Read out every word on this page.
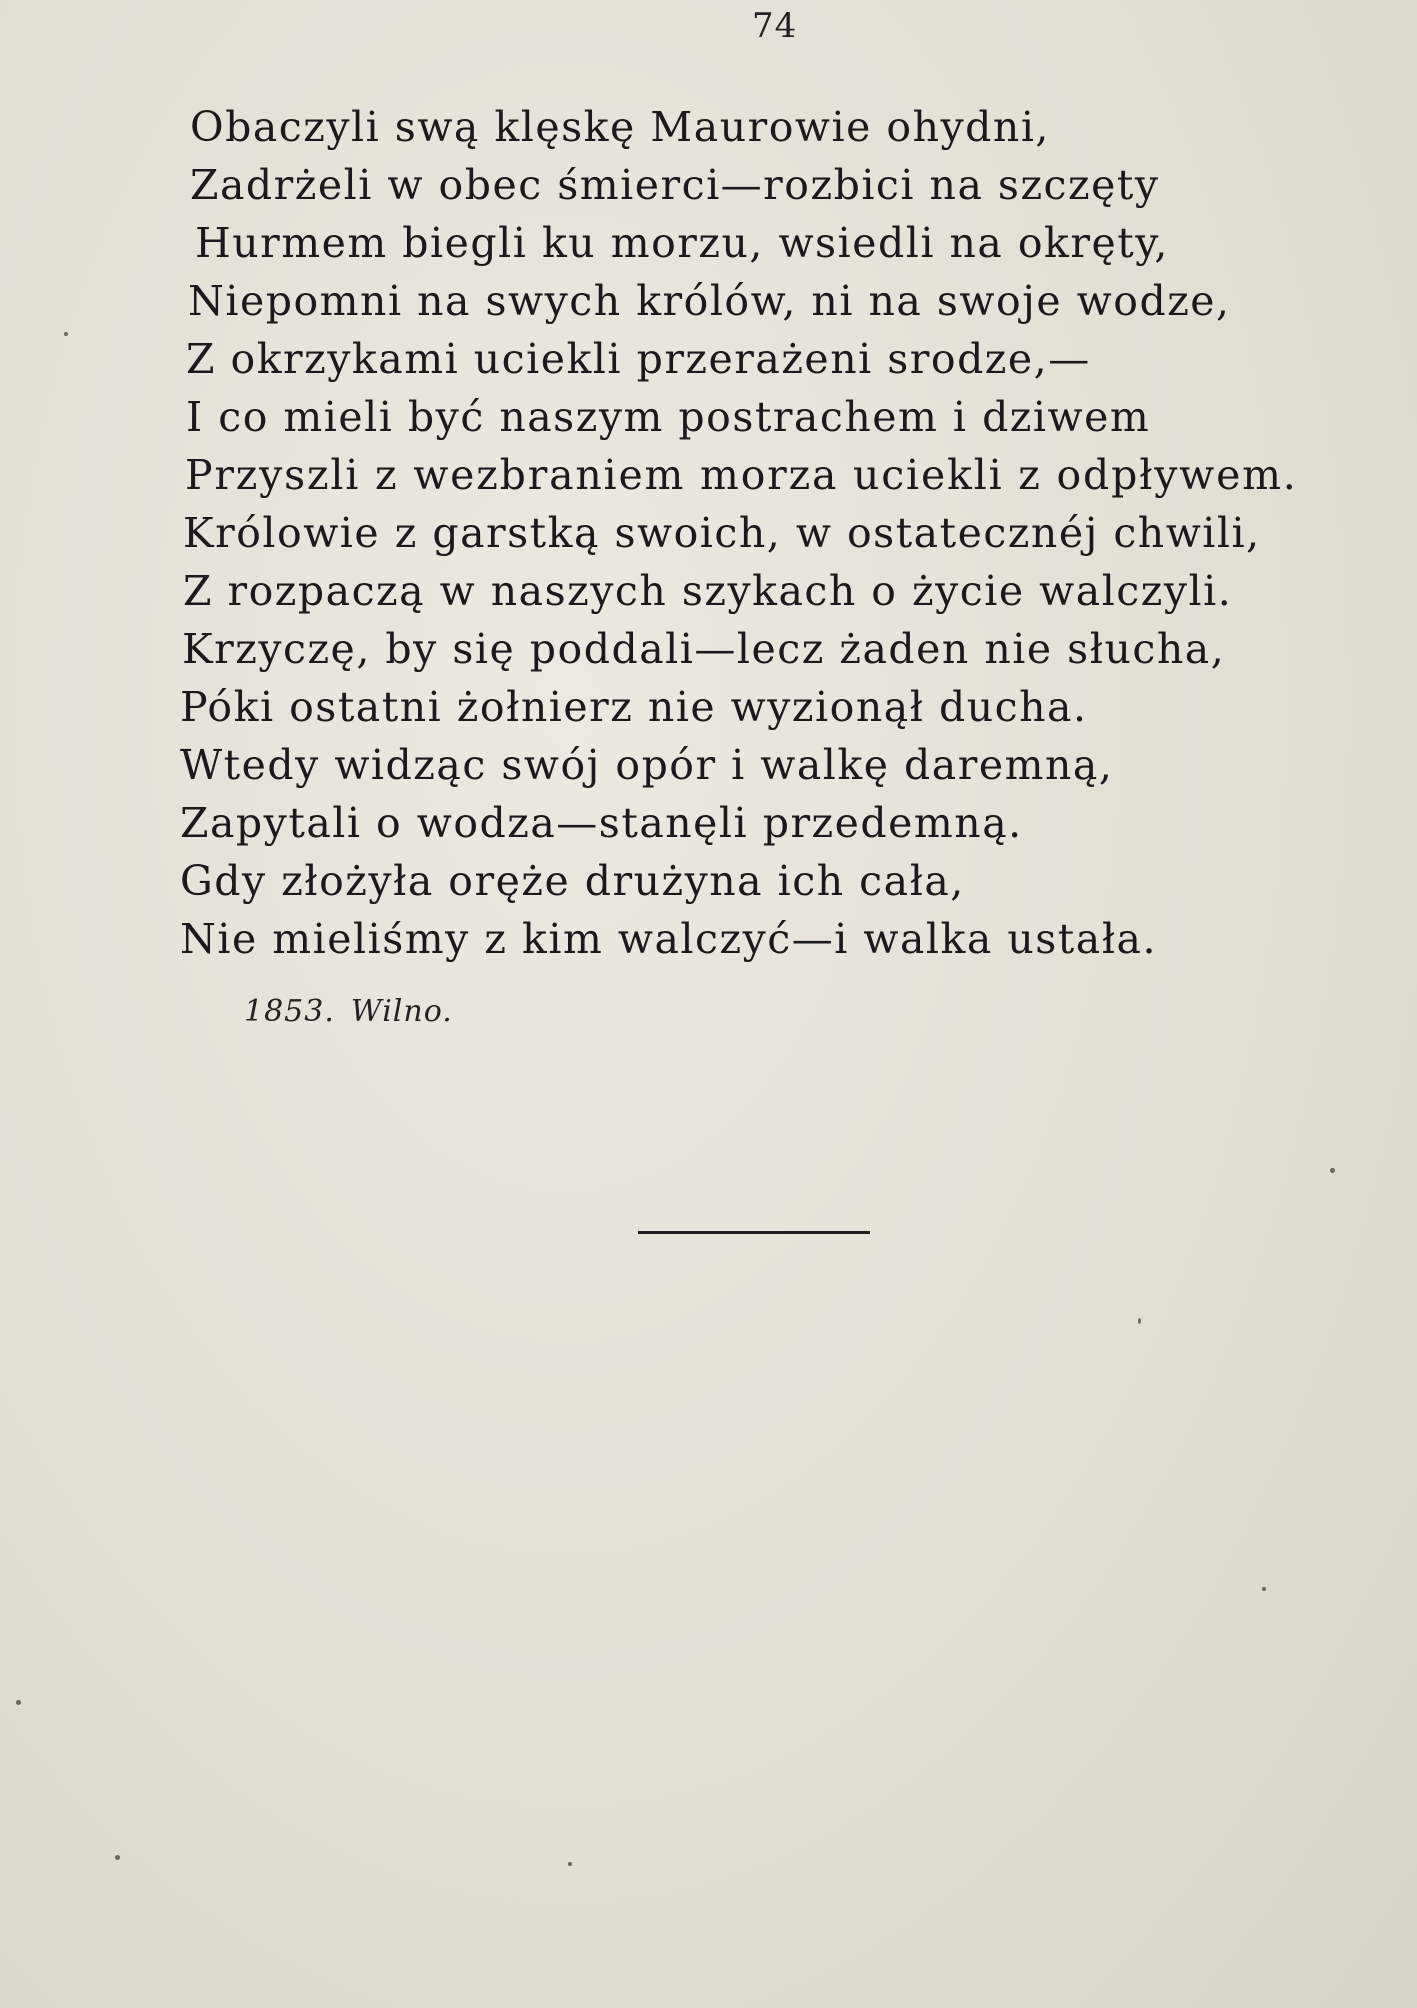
74
Obaczyli swą klęskę Maurowie ohydni,
Zadrżeli w obec śmierci—rozbici na szczęty
Hurmem biegli ku morzu, wsiedli na okręty,
Niepomni na swych królów, ni na swoje wodze,
Z okrzykami uciekli przerażeni srodze,—
I co mieli być naszym postrachem i dziwem
Przyszli z wezbraniem morza uciekli z odpływem.
Królowie z garstką swoich, w ostatecznéj chwili,
Z rozpaczą w naszych szykach o życie walczyli.
Krzyczę, by się poddali—lecz żaden nie słucha,
Póki ostatni żołnierz nie wyzionął ducha.
Wtedy widząc swój opór i walkę daremną,
Zapytali o wodza—stanęli przedemną.
Gdy złożyła oręże drużyna ich cała,
Nie mieliśmy z kim walczyć—i walka ustała.
1853. Wilno.
